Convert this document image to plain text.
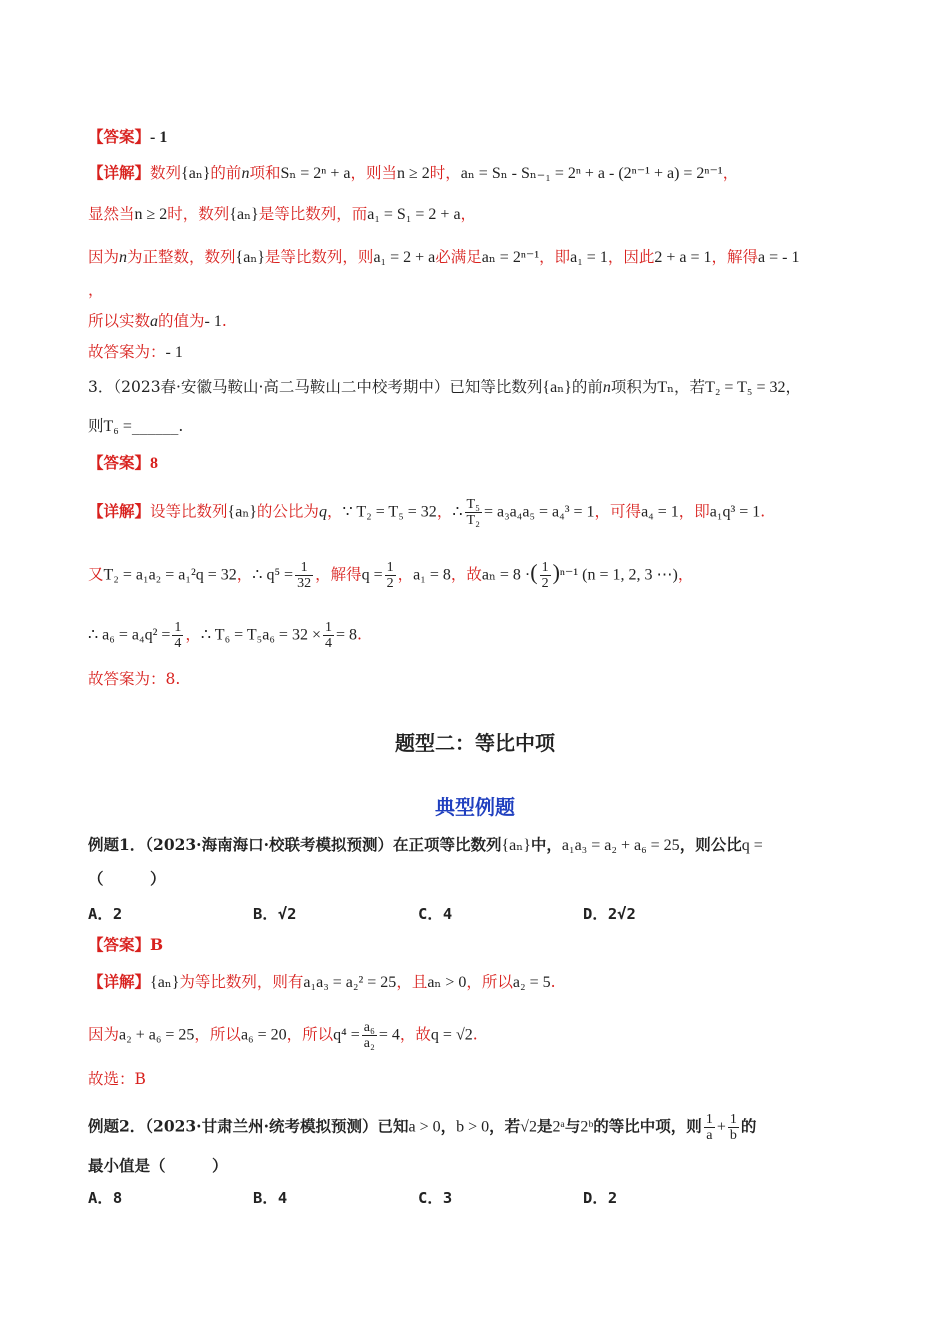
【答案】- 1
【详解】数列{aₙ}的前n项和Sₙ = 2ⁿ + a，则当n ≥ 2时，aₙ = Sₙ - Sₙ₋₁ = 2ⁿ + a - (2ⁿ⁻¹ + a) = 2ⁿ⁻¹，
显然当n ≥ 2时，数列{aₙ}是等比数列，而a₁ = S₁ = 2 + a，
因为n为正整数，数列{aₙ}是等比数列，则a₁ = 2 + a必满足aₙ = 2ⁿ⁻¹，即a₁ = 1，因此2 + a = 1，解得a = - 1
，
所以实数a的值为- 1.
故答案为：- 1
3．（2023春·安徽马鞍山·高二马鞍山二中校考期中）已知等比数列{aₙ}的前n项积为Tₙ，若T₂ = T₅ = 32，
则T₆ =______.
【答案】8
【详解】设等比数列{aₙ}的公比为q，∵ T₂ = T₅ = 32，∴ $\frac{\text{T₅}}{\text{T₂}} = a_3a_4a_5 = a_4^3 = 1$，可得a₄ = 1，即a₁q³ = 1.
又T₂ = a₁a₂ = a₁²q = 32，∴ $q^5 = \frac{1}{32}$ ，解得$q = \frac{1}{2}$ ，a₁ = 8，故aₙ = 8 ·( $\frac{1}{2} )^{n-1}$ (n = 1, 2, 3 ⋯)，
∴ $a_6 = a_4q^2 = \frac{1}{4}$ ，∴ $T_6 = T_5a_6 = 32 \times \frac{1}{4} = 8$.
故答案为：8.
题型二：等比中项
典型例题
例题1．（2023·海南海口·校联考模拟预测）在正项等比数列{aₙ}中，a₁a₃ = a₂ + a₆ = 25，则公比q =
（　　　）
A．2	B．√2	C．4	D．2√2
【答案】B
【详解】{aₙ}为等比数列，则有a₁a₃ = a₂² = 25，且aₙ > 0，所以a₂ = 5.
因为a₂ + a₆ = 25，所以a₆ = 20，所以$q^4 = \frac{\text{a₆}}{\text{a₂}} = 4$，故q = √2.
故选：B
例题2．（2023·甘肃兰州·统考模拟预测）已知a > 0，b > 0，若√2是2ᵃ与2ᵇ的等比中项，则 $\frac{1}{a} + \frac{1}{b}$ 的
最小值是（　　　）
A．8	B．4	C．3	D．2
